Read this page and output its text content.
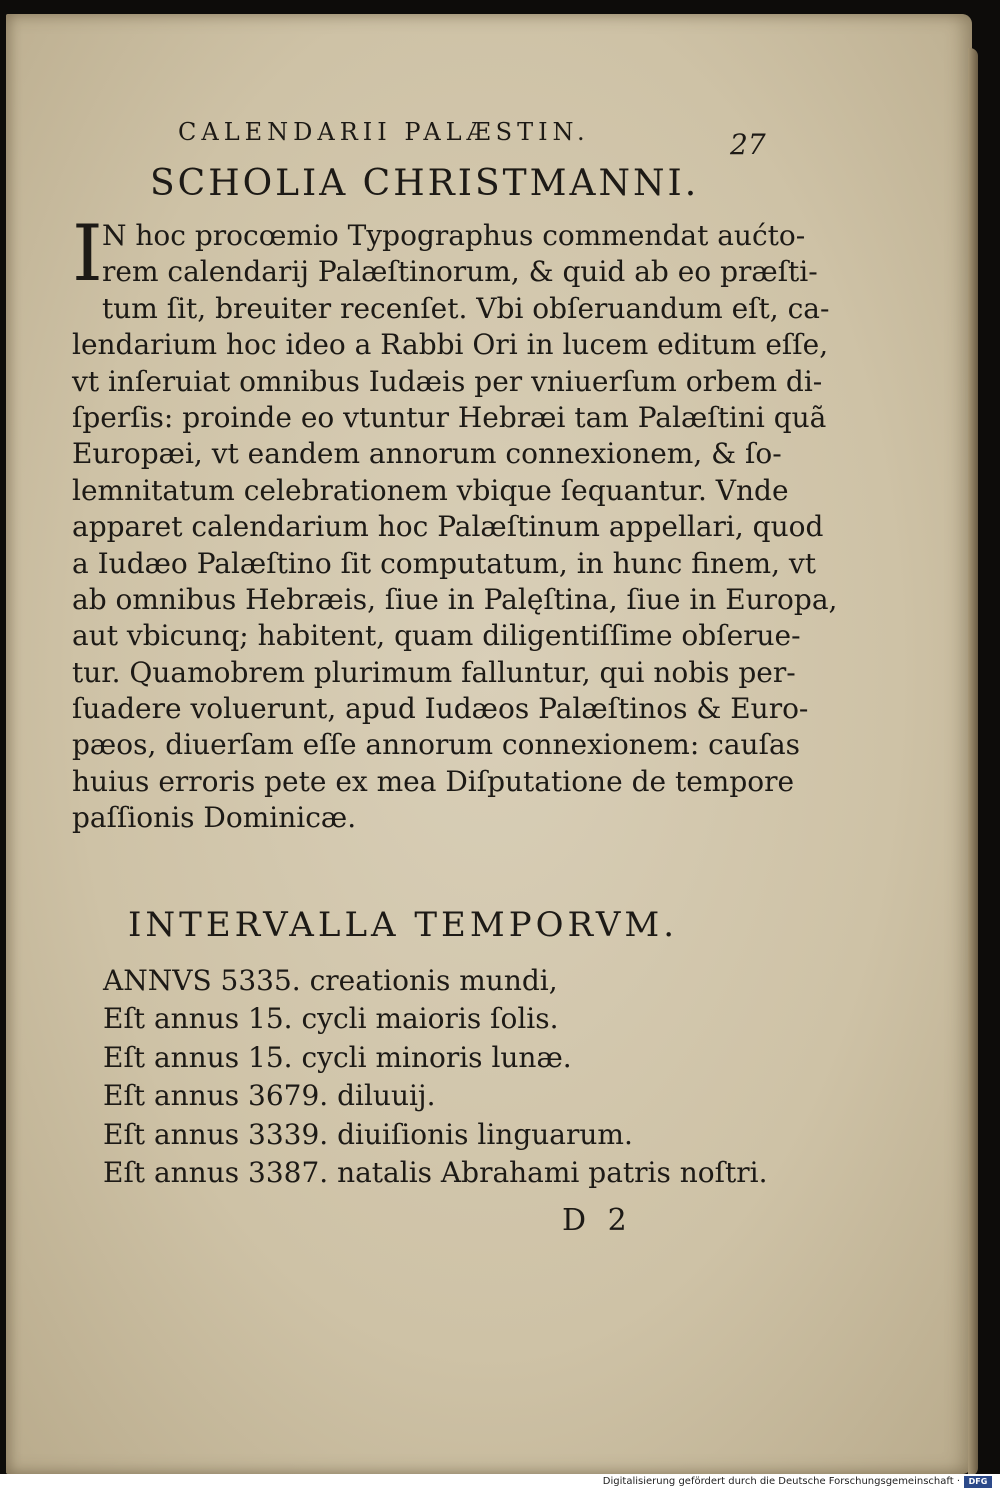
CALENDARII PALÆSTIN.	27
SCHOLIA CHRISTMANNI.
I N hoc procœmio Typographus commendat aućto-
rem calendarij Palæſtinorum, & quid ab eo præſti-
tum ſit, breuiter recenſet. Vbi obſeruandum eſt, ca-
lendarium hoc ideo a Rabbi Ori in lucem editum eſſe,
vt inſeruiat omnibus Iudæis per vniuerſum orbem di-
ſperſis: proinde eo vtuntur Hebræi tam Palæſtini quã
Europæi, vt eandem annorum connexionem, & ſo-
lemnitatum celebrationem vbique ſequantur. Vnde
apparet calendarium hoc Palæſtinum appellari, quod
a Iudæo Palæſtino ſit computatum, in hunc finem, vt
ab omnibus Hebræis, ſiue in Palęſtina, ſiue in Europa,
aut vbicunq; habitent, quam diligentiſſime obſerue-
tur. Quamobrem plurimum falluntur, qui nobis per-
ſuadere voluerunt, apud Iudæos Palæſtinos & Euro-
pæos, diuerſam eſſe annorum connexionem: cauſas
huius erroris pete ex mea Diſputatione de tempore
paſſionis Dominicæ.
INTERVALLA TEMPORVM.
ANNVS 5335. creationis mundi,
Eſt annus 15. cycli maioris ſolis.
Eſt annus 15. cycli minoris lunæ.
Eſt annus 3679. diluuij.
Eſt annus 3339. diuiſionis linguarum.
Eſt annus 3387. natalis Abrahami patris noſtri.
D 2
Digitalisierung gefördert durch die Deutsche Forschungsgemeinschaft ·	DFG
